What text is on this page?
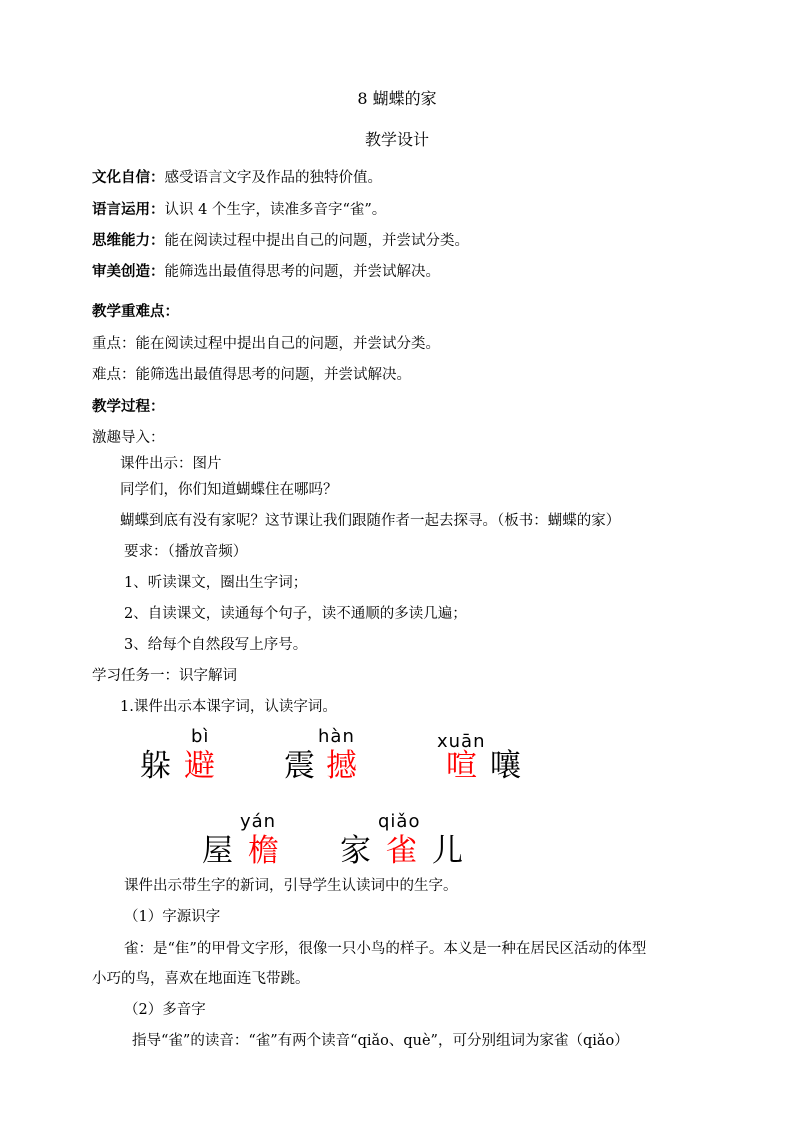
8 蝴蝶的家
教学设计
文化自信：感受语言文字及作品的独特价值。
语言运用：认识 4 个生字，读准多音字“雀”。
思维能力：能在阅读过程中提出自己的问题，并尝试分类。
审美创造：能筛选出最值得思考的问题，并尝试解决。
教学重难点：
重点：能在阅读过程中提出自己的问题，并尝试分类。
难点：能筛选出最值得思考的问题，并尝试解决。
教学过程：
激趣导入：
课件出示：图片
同学们，你们知道蝴蝶住在哪吗？
蝴蝶到底有没有家呢？这节课让我们跟随作者一起去探寻。（板书：蝴蝶的家）
要求：（播放音频）
1、听读课文，圈出生字词；
2、自读课文，读通每个句子，读不通顺的多读几遍；
3、给每个自然段写上序号。
学习任务一：识字解词
1.课件出示本课字词，认读字词。
bì
躲 避
hàn
震 撼
xuān
喧 嚷
yán
屋 檐
qiǎo
家 雀 儿
课件出示带生字的新词，引导学生认读词中的生字。
（1）字源识字
雀：是“隹”的甲骨文字形，很像一只小鸟的样子。本义是一种在居民区活动的体型
小巧的鸟，喜欢在地面连飞带跳。
（2）多音字
指导“雀”的读音：“雀”有两个读音“qiǎo、què”，可分别组词为家雀（qiǎo）
